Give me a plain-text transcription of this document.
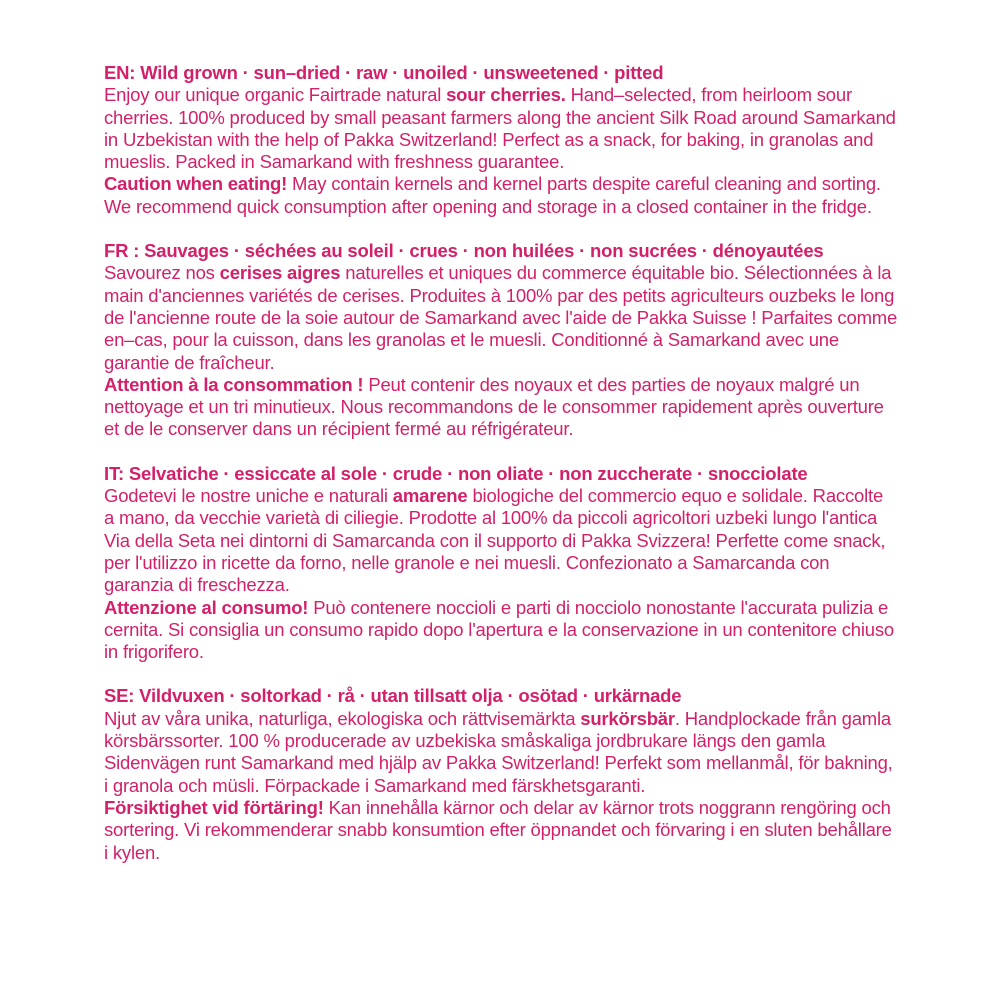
EN: Wild grown · sun–dried · raw · unoiled · unsweetened · pitted

Enjoy our unique organic Fairtrade natural sour cherries. Hand–selected, from heirloom sour cherries. 100% produced by small peasant farmers along the ancient Silk Road around Samarkand in Uzbekistan with the help of Pakka Switzerland! Perfect as a snack, for baking, in granolas and mueslis. Packed in Samarkand with freshness guarantee.

Caution when eating! May contain kernels and kernel parts despite careful cleaning and sorting. We recommend quick consumption after opening and storage in a closed container in the fridge.

FR : Sauvages · séchées au soleil · crues · non huilées · non sucrées · dénoyautées

Savourez nos cerises aigres naturelles et uniques du commerce équitable bio. Sélectionnées à la main d'anciennes variétés de cerises. Produites à 100% par des petits agriculteurs ouzbeks le long de l'ancienne route de la soie autour de Samarkand avec l'aide de Pakka Suisse ! Parfaites comme en–cas, pour la cuisson, dans les granolas et le muesli. Conditionné à Samarkand avec une garantie de fraîcheur.

Attention à la consommation ! Peut contenir des noyaux et des parties de noyaux malgré un nettoyage et un tri minutieux. Nous recommandons de le consommer rapidement après ouverture et de le conserver dans un récipient fermé au réfrigérateur.

IT: Selvatiche · essiccate al sole · crude · non oliate · non zuccherate · snocciolate

Godetevi le nostre uniche e naturali amarene biologiche del commercio equo e solidale. Raccolte a mano, da vecchie varietà di ciliegie. Prodotte al 100% da piccoli agricoltori uzbeki lungo l'antica Via della Seta nei dintorni di Samarcanda con il supporto di Pakka Svizzera! Perfette come snack, per l'utilizzo in ricette da forno, nelle granole e nei muesli. Confezionato a Samarcanda con garanzia di freschezza.

Attenzione al consumo! Può contenere noccioli e parti di nocciolo nonostante l'accurata pulizia e cernita. Si consiglia un consumo rapido dopo l'apertura e la conservazione in un contenitore chiuso in frigorifero.

SE: Vildvuxen · soltorkad · rå · utan tillsatt olja · osötad · urkärnade

Njut av våra unika, naturliga, ekologiska och rättvisemärkta surkörsbär. Handplockade från gamla körsbärssorter. 100 % producerade av uzbekiska småskaliga jordbrukare längs den gamla Sidenvägen runt Samarkand med hjälp av Pakka Switzerland! Perfekt som mellanmål, för bakning, i granola och müsli. Förpackade i Samarkand med färskhetsgaranti.

Försiktighet vid förtäring! Kan innehålla kärnor och delar av kärnor trots noggrann rengöring och sortering. Vi rekommenderar snabb konsumtion efter öppnandet och förvaring i en sluten behållare i kylen.
